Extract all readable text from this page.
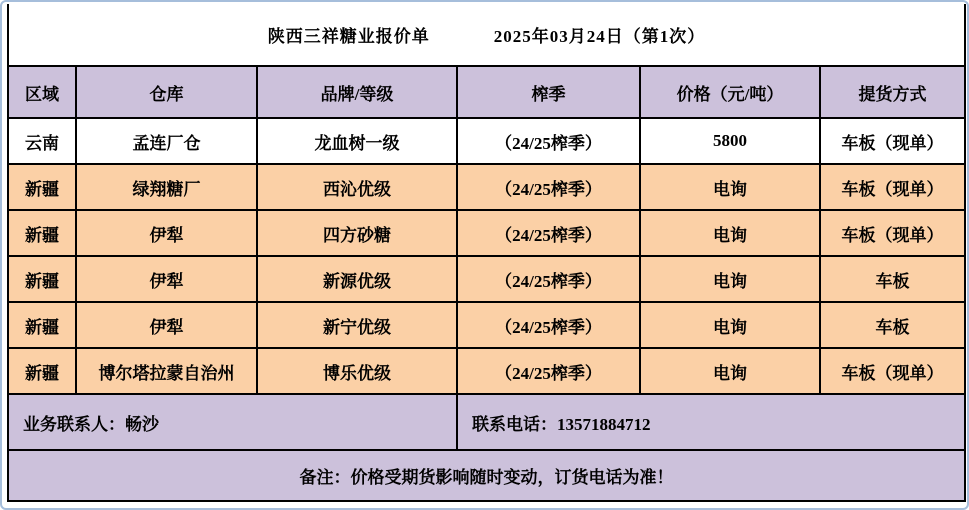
陕西三祥糖业报价单 2025年03月24日（第1次）					
区域	仓库	品牌/等级	榨季	价格（元/吨）	提货方式
云南	孟连厂仓	龙血树一级	（24/25榨季）	5800	车板（现单）
新疆	绿翔糖厂	西沁优级	（24/25榨季）	电询	车板（现单）
新疆	伊犁	四方砂糖	（24/25榨季）	电询	车板（现单）
新疆	伊犁	新源优级	（24/25榨季）	电询	车板
新疆	伊犁	新宁优级	（24/25榨季）	电询	车板
新疆	博尔塔拉蒙自治州	博乐优级	（24/25榨季）	电询	车板（现单）
业务联系人：畅沙			联系电话：13571884712		
备注：价格受期货影响随时变动，订货电话为准！					
